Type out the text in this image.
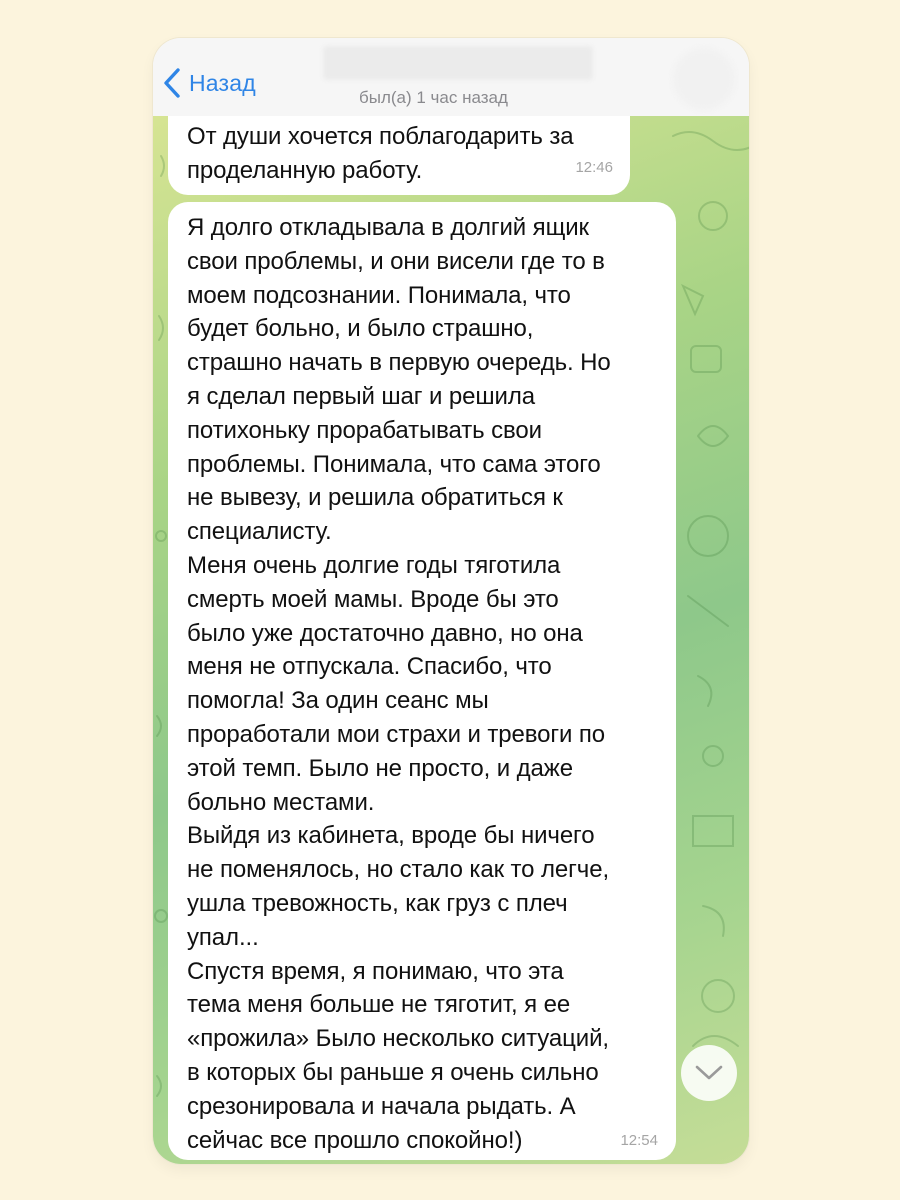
Назад
был(а) 1 час назад
От души хочется поблагодарить за
проделанную работу.	12:46
Я долго откладывала в долгий ящик
свои проблемы, и они висели где то в
моем подсознании. Понимала, что
будет больно, и было страшно,
страшно начать в первую очередь. Но
я сделал первый шаг и решила
потихоньку прорабатывать свои
проблемы. Понимала, что сама этого
не вывезу, и решила обратиться к
специалисту.
Меня очень долгие годы тяготила
смерть моей мамы. Вроде бы это
было уже достаточно давно, но она
меня не отпускала. Спасибо, что
помогла! За один сеанс мы
проработали мои страхи и тревоги по
этой темп. Было не просто, и даже
больно местами.
Выйдя из кабинета, вроде бы ничего
не поменялось, но стало как то легче,
ушла тревожность, как груз с плеч
упал...
Спустя время, я понимаю, что эта
тема меня больше не тяготит, я ее
«прожила» Было несколько ситуаций,
в которых бы раньше я очень сильно
срезонировала и начала рыдать. А
сейчас все прошло спокойно!)	12:54
